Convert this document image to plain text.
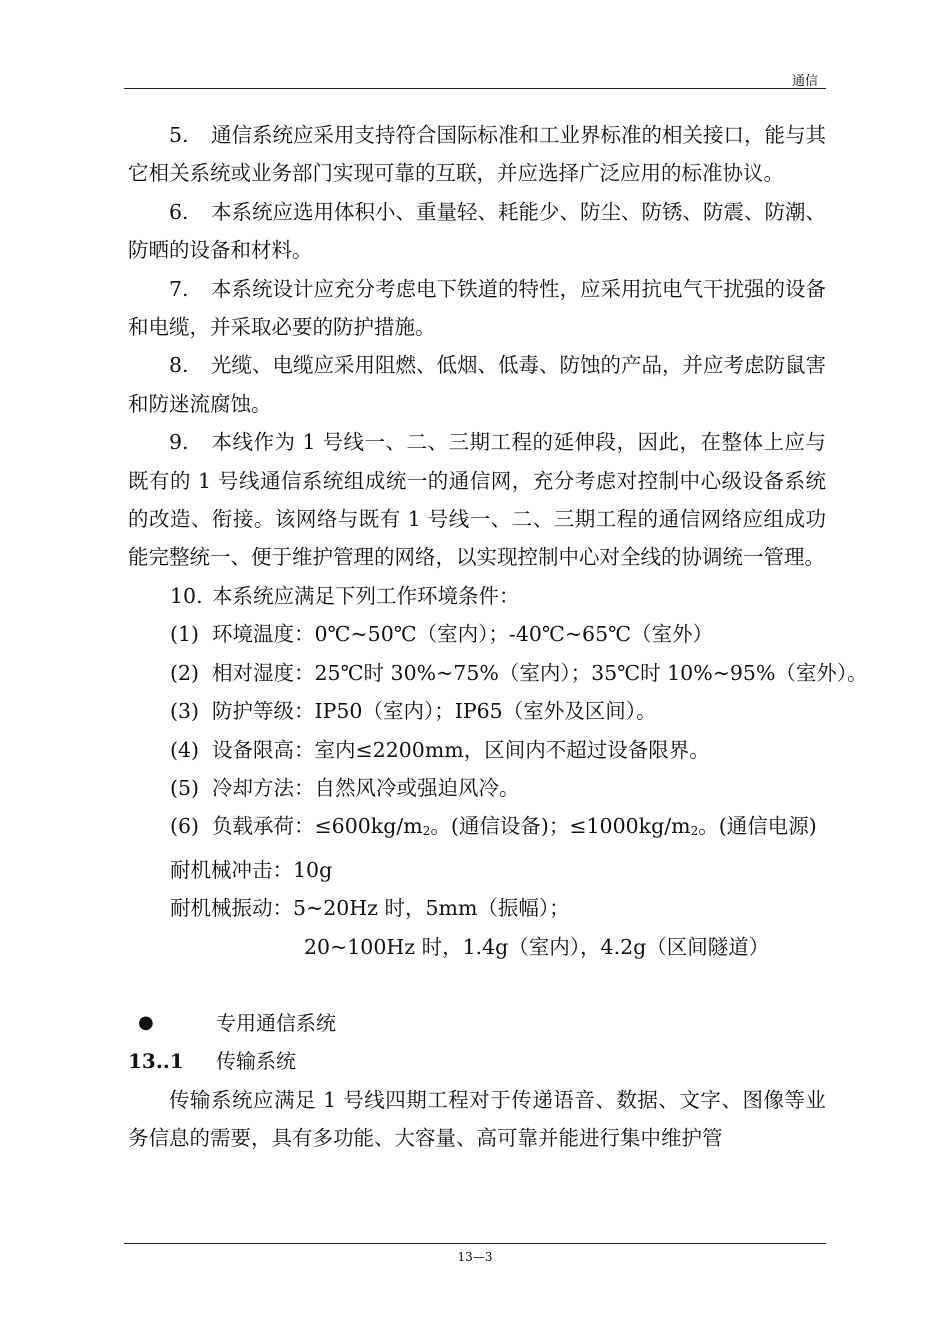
通信

5. 通信系统应采用支持符合国际标准和工业界标准的相关接口，能与其它相关系统或业务部门实现可靠的互联，并应选择广泛应用的标准协议。

6. 本系统应选用体积小、重量轻、耗能少、防尘、防锈、防震、防潮、防晒的设备和材料。

7. 本系统设计应充分考虑电下铁道的特性，应采用抗电气干扰强的设备和电缆，并采取必要的防护措施。

8. 光缆、电缆应采用阻燃、低烟、低毒、防蚀的产品，并应考虑防鼠害和防迷流腐蚀。

9. 本线作为 1 号线一、二、三期工程的延伸段，因此，在整体上应与既有的 1 号线通信系统组成统一的通信网，充分考虑对控制中心级设备系统的改造、衔接。该网络与既有 1 号线一、二、三期工程的通信网络应组成功能完整统一、便于维护管理的网络，以实现控制中心对全线的协调统一管理。

10. 本系统应满足下列工作环境条件：

(1) 环境温度：0℃~50℃（室内）；-40℃~65℃（室外）

(2) 相对湿度：25℃时 30%~75%（室内）；35℃时 10%~95%（室外）。

(3) 防护等级：IP50（室内）；IP65（室外及区间）。

(4) 设备限高：室内≤2200mm，区间内不超过设备限界。

(5) 冷却方法：自然风冷或强迫风冷。

(6) 负载承荷：≤600kg/m2。(通信设备)；≤1000kg/m2。(通信电源)

耐机械冲击：10g

耐机械振动：5~20Hz 时，5mm（振幅）；

20~100Hz 时，1.4g（室内），4.2g（区间隧道）

●	专用通信系统

13..1	传输系统

传输系统应满足 1 号线四期工程对于传递语音、数据、文字、图像等业务信息的需要，具有多功能、大容量、高可靠并能进行集中维护管

13—3
